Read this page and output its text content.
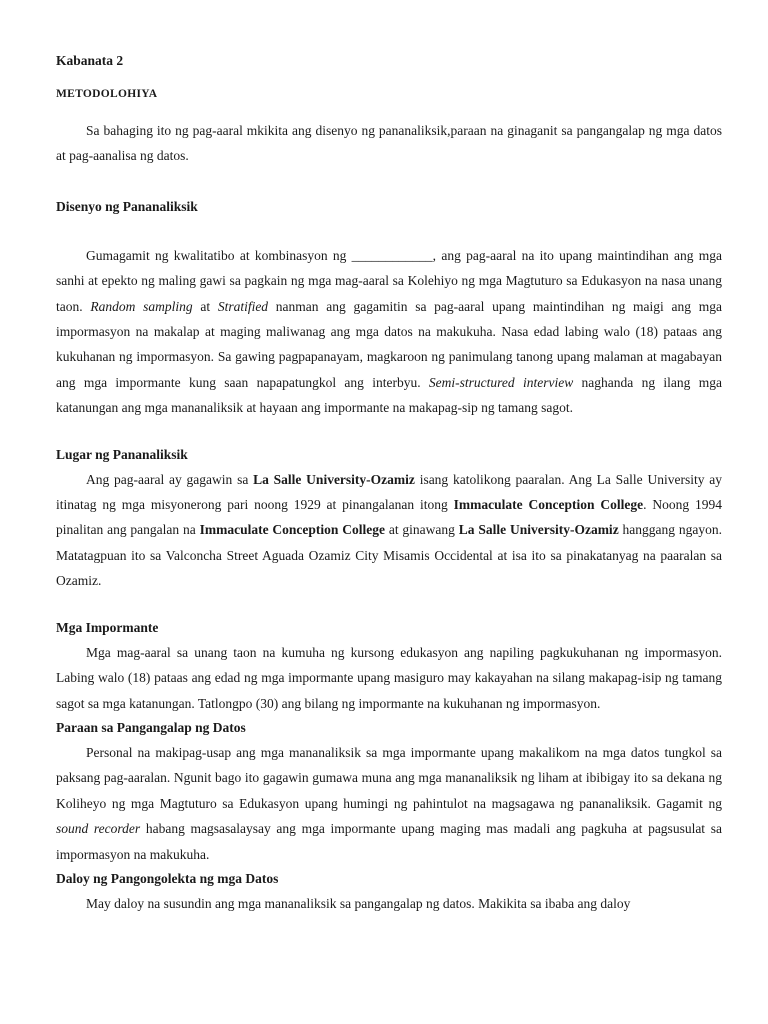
Kabanata 2
METODOLOHIYA

Sa bahaging ito ng pag-aaral mkikita ang disenyo ng pananaliksik,paraan na ginaganit sa pangangalap ng mga datos at pag-aanalisa ng datos.

Disenyo ng Pananaliksik

Gumagamit ng kwalitatibo at kombinasyon ng ____________, ang pag-aaral na ito upang maintindihan ang mga sanhi at epekto ng maling gawi sa pagkain ng mga mag-aaral sa Kolehiyo ng mga Magtuturo sa Edukasyon na nasa unang taon. Random sampling at Stratified nanman ang gagamitin sa pag-aaral upang maintindihan ng maigi ang mga impormasyon na makalap at maging maliwanag ang mga datos na makukuha. Nasa edad labing walo (18) pataas ang kukuhanan ng impormasyon. Sa gawing pagpapanayam, magkaroon ng panimulang tanong upang malaman at magabayan ang mga impormante kung saan napapatungkol ang interbyu. Semi-structured interview naghanda ng ilang mga katanungan ang mga mananaliksik at hayaan ang impormante na makapag-sip ng tamang sagot.

Lugar ng Pananaliksik

Ang pag-aaral ay gagawin sa La Salle University-Ozamiz isang katolikong paaralan. Ang La Salle University ay itinatag ng mga misyonerong pari noong 1929 at pinangalanan itong Immaculate Conception College. Noong 1994 pinalitan ang pangalan na Immaculate Conception College at ginawang La Salle University-Ozamiz hanggang ngayon. Matatagpuan ito sa Valconcha Street Aguada Ozamiz City Misamis Occidental at isa ito sa pinakatanyag na paaralan sa Ozamiz.

Mga Impormante

Mga mag-aaral sa unang taon na kumuha ng kursong edukasyon ang napiling pagkukuhanan ng impormasyon. Labing walo (18) pataas ang edad ng mga impormante upang masiguro may kakayahan na silang makapag-isip ng tamang sagot sa mga katanungan. Tatlongpo (30) ang bilang ng impormante na kukuhanan ng impormasyon.

Paraan sa Pangangalap ng Datos

Personal na makipag-usap ang mga mananaliksik sa mga impormante upang makalikom na mga datos tungkol sa paksang pag-aaralan. Ngunit bago ito gagawin gumawa muna ang mga mananaliksik ng liham at ibibigay ito sa dekana ng Koliheyo ng mga Magtuturo sa Edukasyon upang humingi ng pahintulot na magsagawa ng pananaliksik. Gagamit ng sound recorder habang magsasalaysay ang mga impormante upang maging mas madali ang pagkuha at pagsusulat sa impormasyon na makukuha.

Daloy ng Pangongolekta ng mga Datos

May daloy na susundin ang mga mananaliksik sa pangangalap ng datos. Makikita sa ibaba ang daloy
